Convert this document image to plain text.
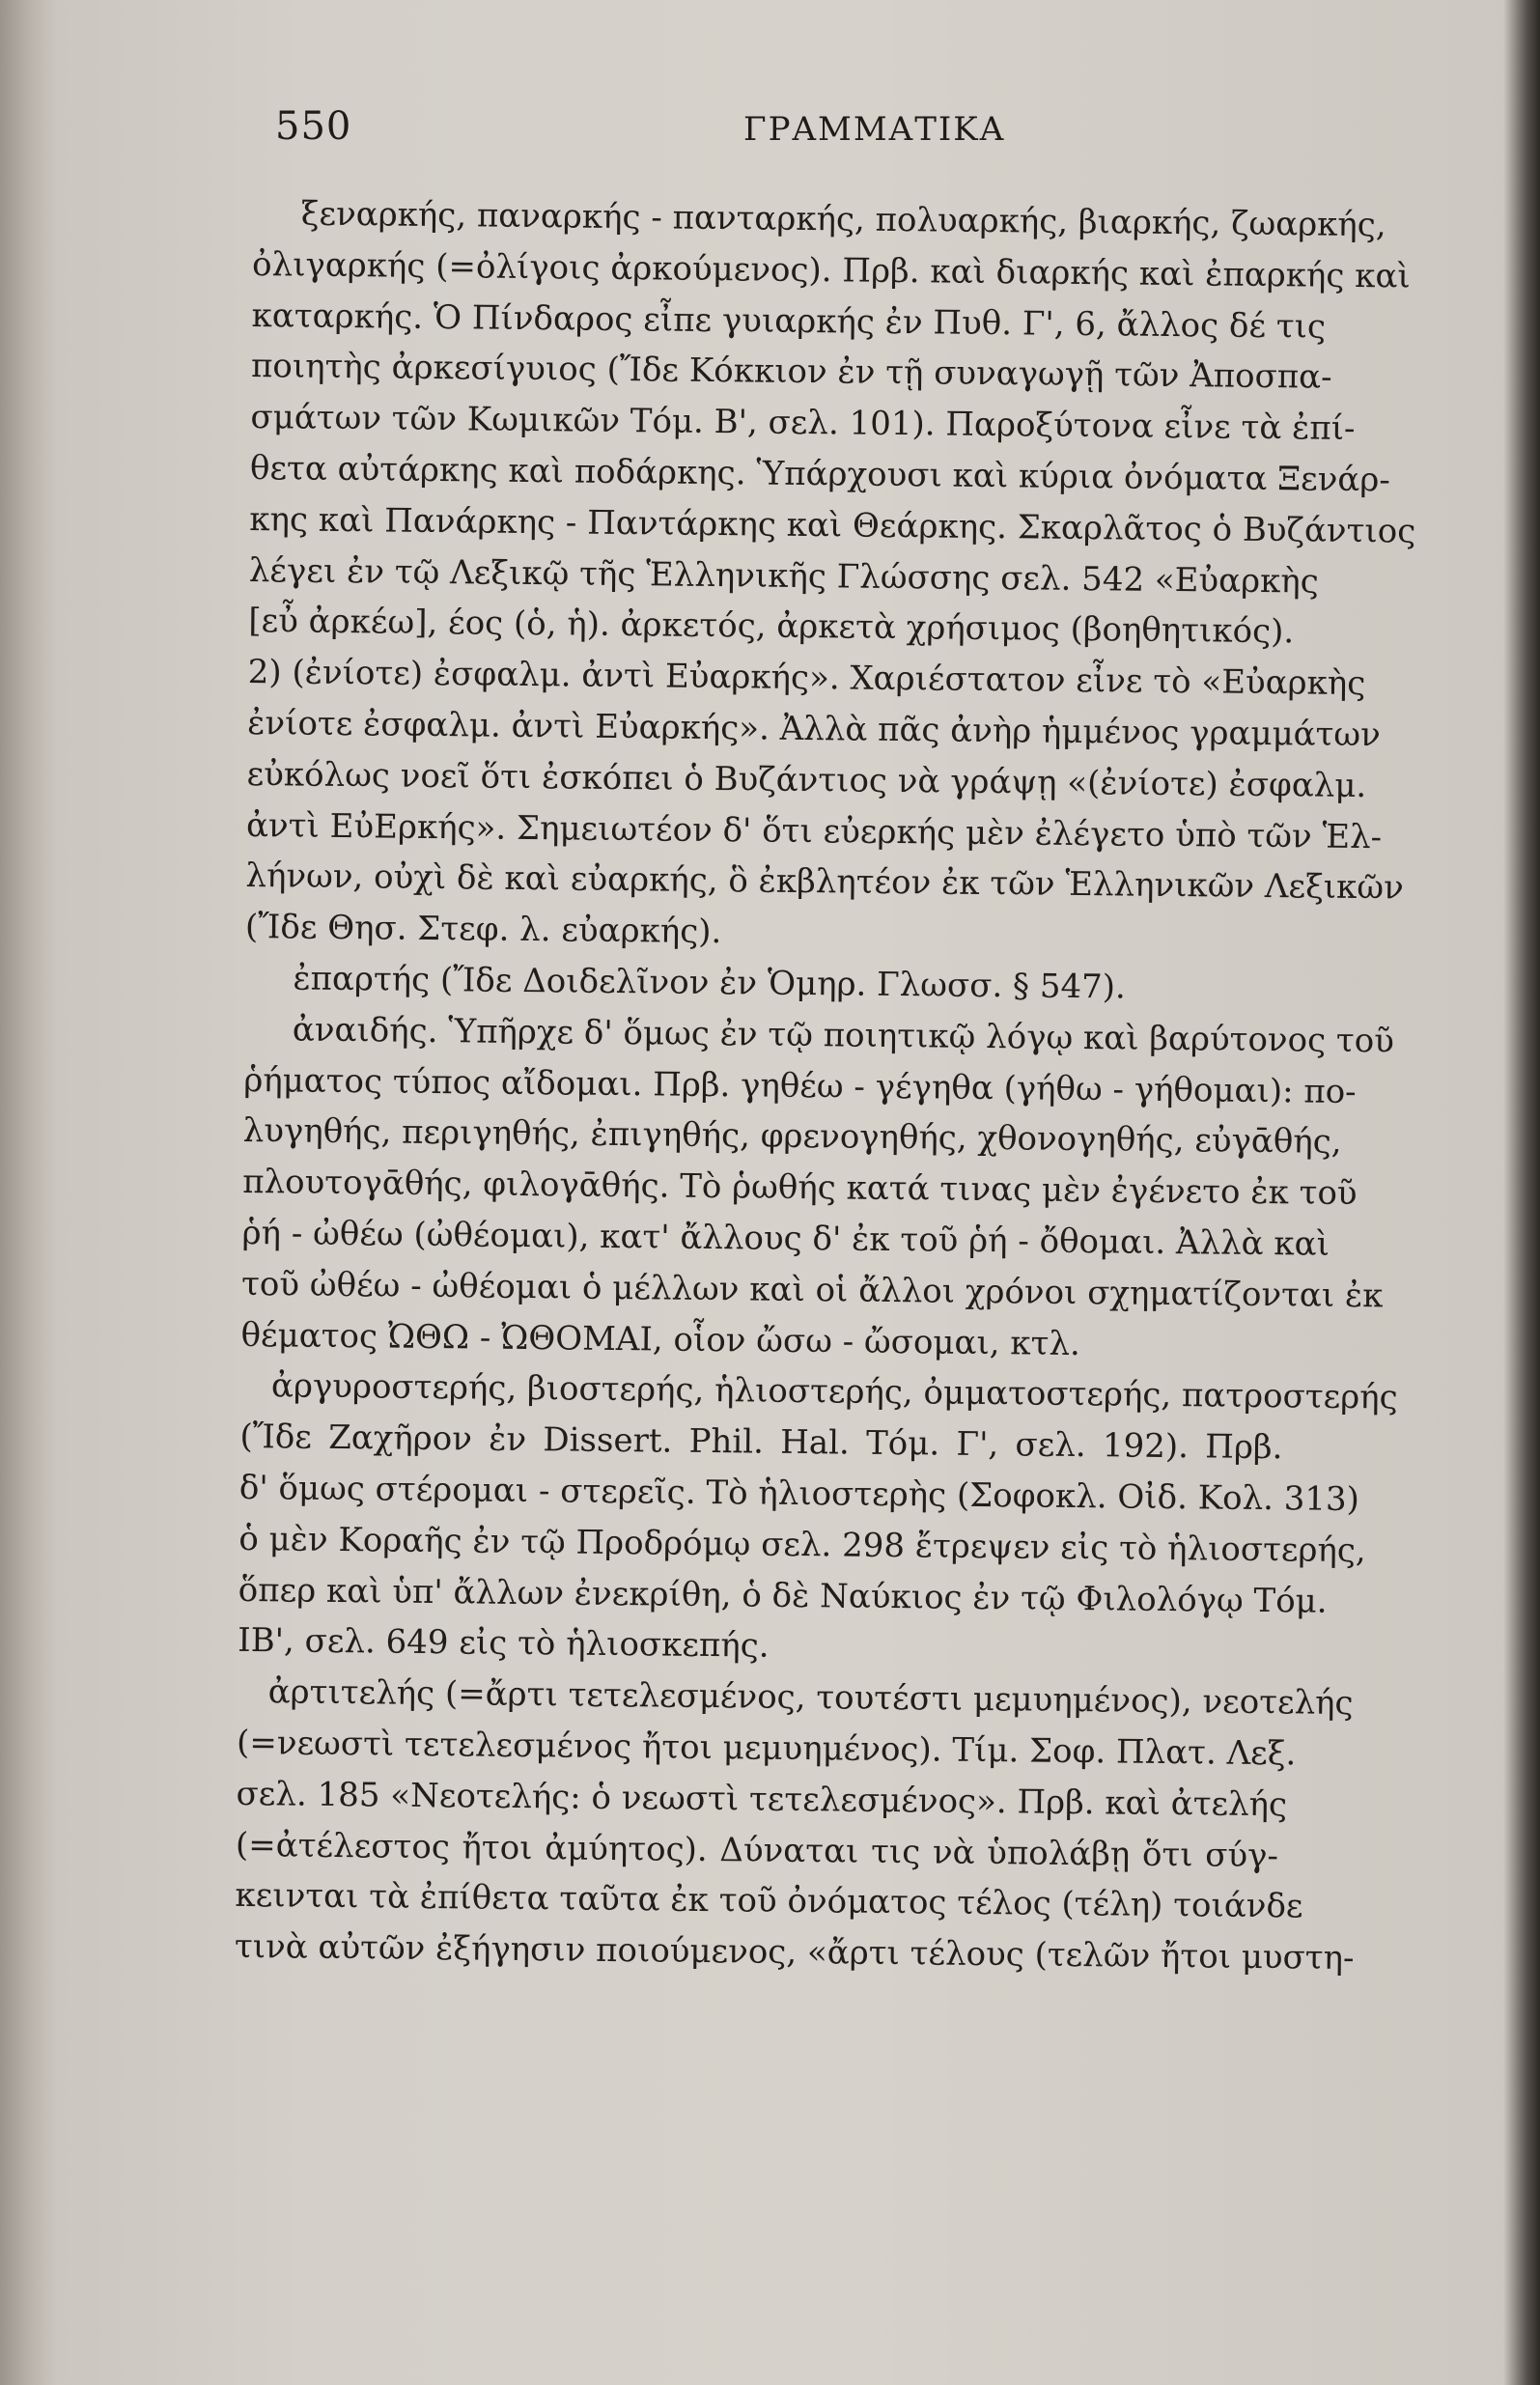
550	ΓΡΑΜΜΑΤΙΚΑ
ξεναρκής, παναρκής - πανταρκής, πολυαρκής, βιαρκής, ζωαρκής,
ὀλιγαρκής (=ὀλίγοις ἀρκούμενος). Πρβ. καὶ διαρκής καὶ ἐπαρκής καὶ
καταρκής. Ὁ Πίνδαρος εἶπε γυιαρκής ἐν Πυθ. Γ', 6, ἄλλος δέ τις
ποιητὴς ἀρκεσίγυιος (Ἴδε Κόκκιον ἐν τῇ συναγωγῇ τῶν Ἀποσπα-
σμάτων τῶν Κωμικῶν Τόμ. Β', σελ. 101). Παροξύτονα εἶνε τὰ ἐπί-
θετα αὐτάρκης καὶ ποδάρκης. Ὑπάρχουσι καὶ κύρια ὀνόματα Ξενάρ-
κης καὶ Πανάρκης - Παντάρκης καὶ Θεάρκης. Σκαρλᾶτος ὁ Βυζάντιος
λέγει ἐν τῷ Λεξικῷ τῆς Ἑλληνικῆς Γλώσσης σελ. 542 «Εὐαρκὴς
[εὖ ἀρκέω], έος (ὁ, ἡ). ἀρκετός, ἀρκετὰ χρήσιμος (βοηθητικός).
2) (ἐνίοτε) ἐσφαλμ. ἀντὶ Εὐαρκής». Χαριέστατον εἶνε τὸ «Εὐαρκὴς
ἐνίοτε ἐσφαλμ. ἀντὶ Εὐαρκής». Ἀλλὰ πᾶς ἀνὴρ ἡμμένος γραμμάτων
εὐκόλως νοεῖ ὅτι ἐσκόπει ὁ Βυζάντιος νὰ γράψῃ «(ἐνίοτε) ἐσφαλμ.
ἀντὶ ΕὐΕρκής». Σημειωτέον δ' ὅτι εὐερκής μὲν ἐλέγετο ὑπὸ τῶν Ἑλ-
λήνων, οὐχὶ δὲ καὶ εὐαρκής, ὃ ἐκβλητέον ἐκ τῶν Ἑλληνικῶν Λεξικῶν
(Ἴδε Θησ. Στεφ. λ. εὐαρκής).
ἐπαρτής (Ἴδε Δοιδελῖνον ἐν Ὁμηρ. Γλωσσ. § 547).
ἀναιδής. Ὑπῆρχε δ' ὅμως ἐν τῷ ποιητικῷ λόγῳ καὶ βαρύτονος τοῦ
ῥήματος τύπος αἴδομαι. Πρβ. γηθέω - γέγηθα (γήθω - γήθομαι): πο-
λυγηθής, περιγηθής, ἐπιγηθής, φρενογηθής, χθονογηθής, εὐγᾱθής,
πλουτογᾱθής, φιλογᾱθής. Τὸ ῥωθής κατά τινας μὲν ἐγένετο ἐκ τοῦ
ῥή - ὠθέω (ὠθέομαι), κατ' ἄλλους δ' ἐκ τοῦ ῥή - ὄθομαι. Ἀλλὰ καὶ
τοῦ ὠθέω - ὠθέομαι ὁ μέλλων καὶ οἱ ἄλλοι χρόνοι σχηματίζονται ἐκ
θέματος ὨΘΩ - ὨΘΟΜΑΙ, οἷον ὤσω - ὤσομαι, κτλ.
ἀργυροστερής, βιοστερής, ἡλιοστερής, ὀμματοστερής, πατροστερής
(Ἴδε Ζαχῆρον ἐν Dissert. Phil. Hal. Τόμ. Γ', σελ. 192). Πρβ.
δ' ὅμως στέρομαι - στερεῖς. Τὸ ἡλιοστερὴς (Σοφοκλ. Οἰδ. Κολ. 313)
ὁ μὲν Κοραῆς ἐν τῷ Προδρόμῳ σελ. 298 ἔτρεψεν εἰς τὸ ἡλιοστερής,
ὅπερ καὶ ὑπ' ἄλλων ἐνεκρίθη, ὁ δὲ Ναύκιος ἐν τῷ Φιλολόγῳ Τόμ.
ΙΒ', σελ. 649 εἰς τὸ ἡλιοσκεπής.
ἀρτιτελής (=ἄρτι τετελεσμένος, τουτέστι μεμυημένος), νεοτελής
(=νεωστὶ τετελεσμένος ἤτοι μεμυημένος). Τίμ. Σοφ. Πλατ. Λεξ.
σελ. 185 «Νεοτελής: ὁ νεωστὶ τετελεσμένος». Πρβ. καὶ ἀτελής
(=ἀτέλεστος ἤτοι ἀμύητος). Δύναται τις νὰ ὑπολάβῃ ὅτι σύγ-
κεινται τὰ ἐπίθετα ταῦτα ἐκ τοῦ ὀνόματος τέλος (τέλη) τοιάνδε
τινὰ αὐτῶν ἐξήγησιν ποιούμενος, «ἄρτι τέλους (τελῶν ἤτοι μυστη-
